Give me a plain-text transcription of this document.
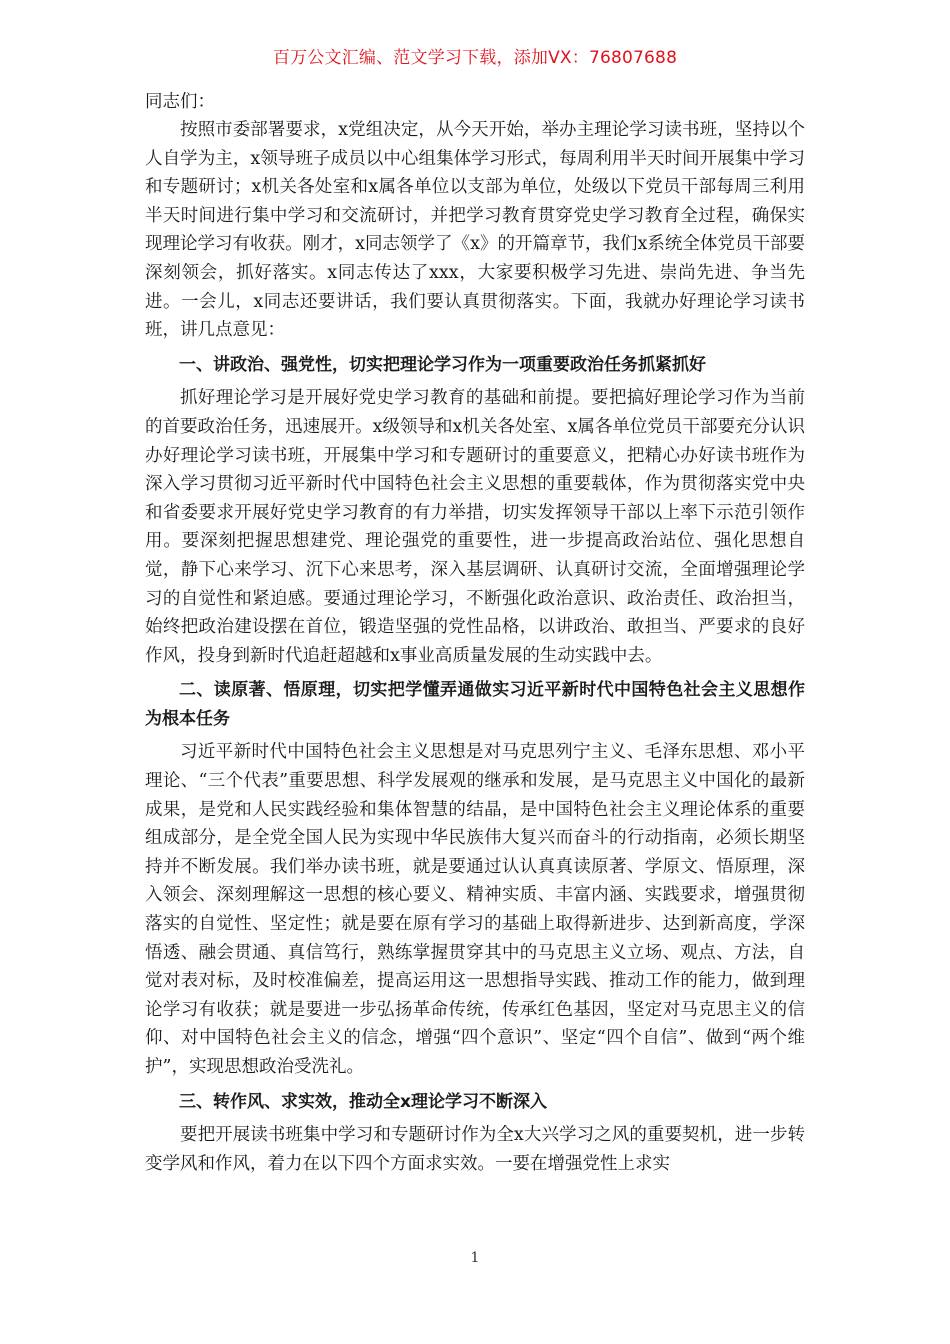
百万公文汇编、范文学习下载，添加VX：76807688

同志们：

按照市委部署要求，x党组决定，从今天开始，举办主理论学习读书班，坚持以个人自学为主，x领导班子成员以中心组集体学习形式，每周利用半天时间开展集中学习和专题研讨；x机关各处室和x属各单位以支部为单位，处级以下党员干部每周三利用半天时间进行集中学习和交流研讨，并把学习教育贯穿党史学习教育全过程，确保实现理论学习有收获。刚才，x同志领学了《x》的开篇章节，我们x系统全体党员干部要深刻领会，抓好落实。x同志传达了xxx，大家要积极学习先进、崇尚先进、争当先进。一会儿，x同志还要讲话，我们要认真贯彻落实。下面，我就办好理论学习读书班，讲几点意见：

一、讲政治、强党性，切实把理论学习作为一项重要政治任务抓紧抓好

抓好理论学习是开展好党史学习教育的基础和前提。要把搞好理论学习作为当前的首要政治任务，迅速展开。x级领导和x机关各处室、x属各单位党员干部要充分认识办好理论学习读书班，开展集中学习和专题研讨的重要意义，把精心办好读书班作为深入学习贯彻习近平新时代中国特色社会主义思想的重要载体，作为贯彻落实党中央和省委要求开展好党史学习教育的有力举措，切实发挥领导干部以上率下示范引领作用。要深刻把握思想建党、理论强党的重要性，进一步提高政治站位、强化思想自觉，静下心来学习、沉下心来思考，深入基层调研、认真研讨交流，全面增强理论学习的自觉性和紧迫感。要通过理论学习，不断强化政治意识、政治责任、政治担当，始终把政治建设摆在首位，锻造坚强的党性品格，以讲政治、敢担当、严要求的良好作风，投身到新时代追赶超越和x事业高质量发展的生动实践中去。

二、读原著、悟原理，切实把学懂弄通做实习近平新时代中国特色社会主义思想作为根本任务

习近平新时代中国特色社会主义思想是对马克思列宁主义、毛泽东思想、邓小平理论、“三个代表”重要思想、科学发展观的继承和发展，是马克思主义中国化的最新成果，是党和人民实践经验和集体智慧的结晶，是中国特色社会主义理论体系的重要组成部分，是全党全国人民为实现中华民族伟大复兴而奋斗的行动指南，必须长期坚持并不断发展。我们举办读书班，就是要通过认认真真读原著、学原文、悟原理，深入领会、深刻理解这一思想的核心要义、精神实质、丰富内涵、实践要求，增强贯彻落实的自觉性、坚定性；就是要在原有学习的基础上取得新进步、达到新高度，学深悟透、融会贯通、真信笃行，熟练掌握贯穿其中的马克思主义立场、观点、方法，自觉对表对标，及时校准偏差，提高运用这一思想指导实践、推动工作的能力，做到理论学习有收获；就是要进一步弘扬革命传统，传承红色基因，坚定对马克思主义的信仰、对中国特色社会主义的信念，增强“四个意识”、坚定“四个自信”、做到“两个维护”，实现思想政治受洗礼。

三、转作风、求实效，推动全x理论学习不断深入

要把开展读书班集中学习和专题研讨作为全x大兴学习之风的重要契机，进一步转变学风和作风，着力在以下四个方面求实效。一要在增强党性上求实

1
